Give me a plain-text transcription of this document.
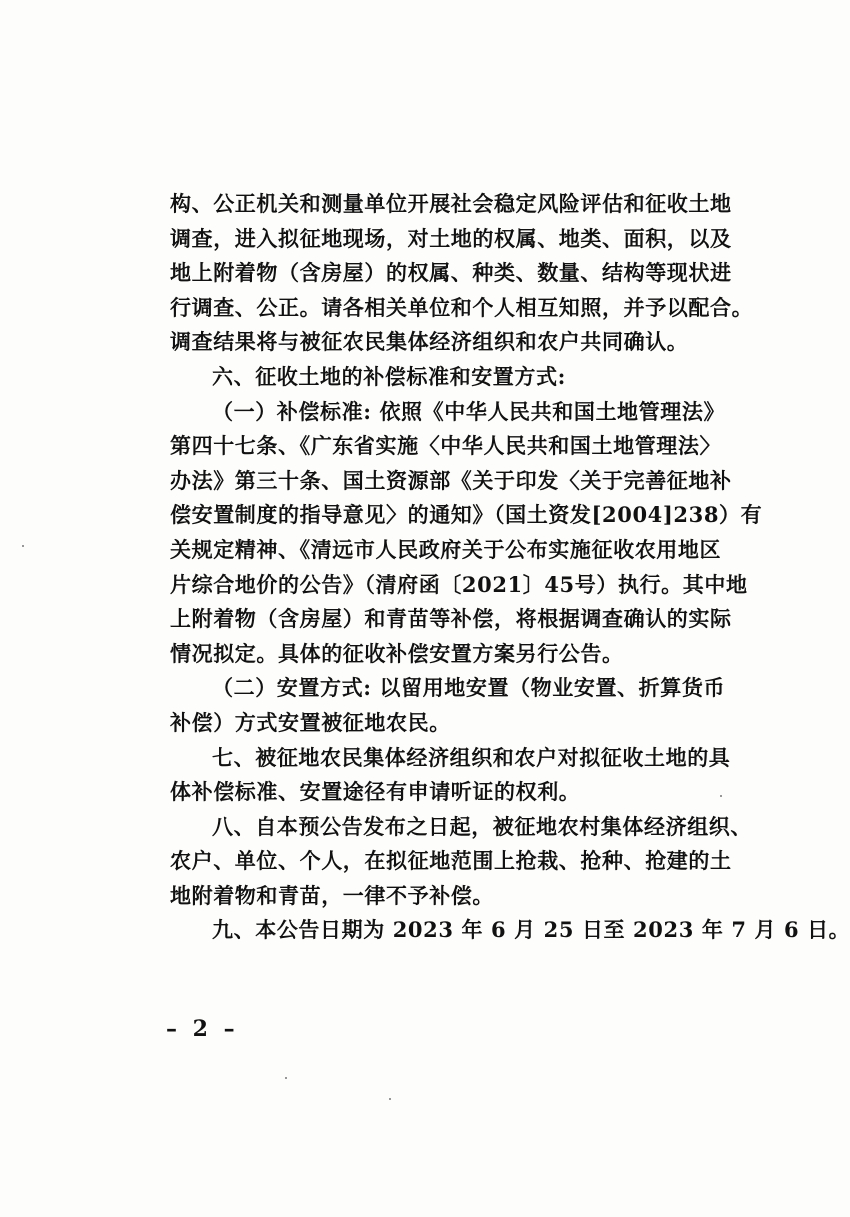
构、公正机关和测量单位开展社会稳定风险评估和征收土地
调查，进入拟征地现场，对土地的权属、地类、面积，以及
地上附着物（含房屋）的权属、种类、数量、结构等现状进
行调查、公正。请各相关单位和个人相互知照，并予以配合。
调查结果将与被征农民集体经济组织和农户共同确认。

六、征收土地的补偿标准和安置方式:

（一）补偿标准: 依照《中华人民共和国土地管理法》
第四十七条、《广东省实施〈中华人民共和国土地管理法〉
办法》第三十条、国土资源部《关于印发〈关于完善征地补
偿安置制度的指导意见〉的通知》（国土资发[2004]238）有
关规定精神、《清远市人民政府关于公布实施征收农用地区
片综合地价的公告》（清府函〔2021〕45号）执行。其中地
上附着物（含房屋）和青苗等补偿，将根据调查确认的实际
情况拟定。具体的征收补偿安置方案另行公告。

（二）安置方式: 以留用地安置（物业安置、折算货币
补偿）方式安置被征地农民。

七、被征地农民集体经济组织和农户对拟征收土地的具
体补偿标准、安置途径有申请听证的权利。

八、自本预公告发布之日起，被征地农村集体经济组织、
农户、单位、个人，在拟征地范围上抢栽、抢种、抢建的土
地附着物和青苗，一律不予补偿。

九、本公告日期为 2023 年 6 月 25 日至 2023 年 7 月 6 日。

– 2 –
